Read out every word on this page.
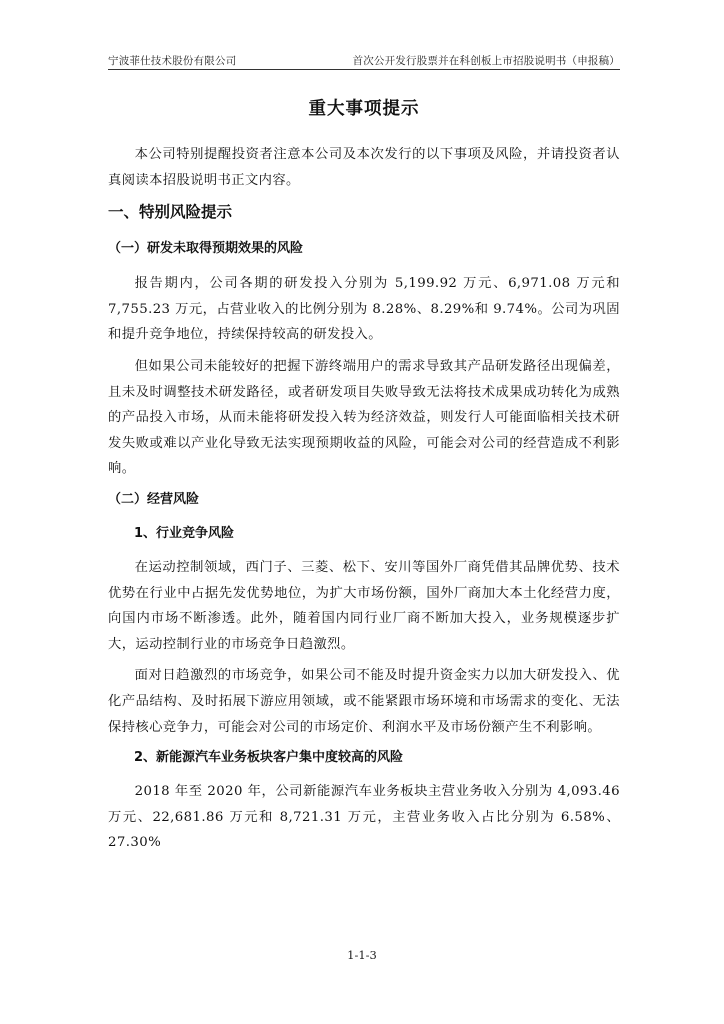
宁波菲仕技术股份有限公司	首次公开发行股票并在科创板上市招股说明书（申报稿）
重大事项提示

本公司特别提醒投资者注意本公司及本次发行的以下事项及风险，并请投资者认真阅读本招股说明书正文内容。

一、特别风险提示
（一）研发未取得预期效果的风险

报告期内，公司各期的研发投入分别为 5,199.92 万元、6,971.08 万元和 7,755.23 万元，占营业收入的比例分别为 8.28%、8.29%和 9.74%。公司为巩固和提升竞争地位，持续保持较高的研发投入。

但如果公司未能较好的把握下游终端用户的需求导致其产品研发路径出现偏差，且未及时调整技术研发路径，或者研发项目失败导致无法将技术成果成功转化为成熟的产品投入市场，从而未能将研发投入转为经济效益，则发行人可能面临相关技术研发失败或难以产业化导致无法实现预期收益的风险，可能会对公司的经营造成不利影响。

（二）经营风险
1、行业竞争风险

在运动控制领域，西门子、三菱、松下、安川等国外厂商凭借其品牌优势、技术优势在行业中占据先发优势地位，为扩大市场份额，国外厂商加大本土化经营力度，向国内市场不断渗透。此外，随着国内同行业厂商不断加大投入，业务规模逐步扩大，运动控制行业的市场竞争日趋激烈。

面对日趋激烈的市场竞争，如果公司不能及时提升资金实力以加大研发投入、优化产品结构、及时拓展下游应用领域，或不能紧跟市场环境和市场需求的变化、无法保持核心竞争力，可能会对公司的市场定价、利润水平及市场份额产生不利影响。

2、新能源汽车业务板块客户集中度较高的风险

2018 年至 2020 年，公司新能源汽车业务板块主营业务收入分别为 4,093.46 万元、22,681.86 万元和 8,721.31 万元，主营业务收入占比分别为 6.58%、27.30%

1-1-3
